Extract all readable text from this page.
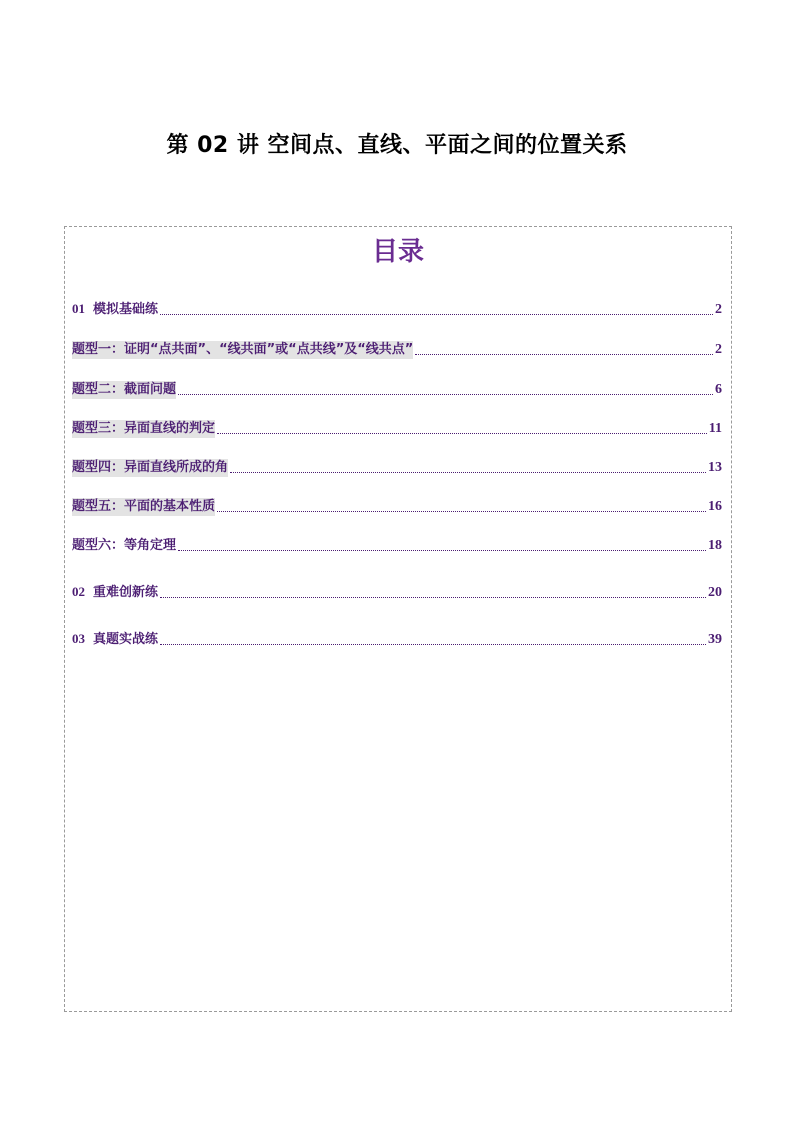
第 02 讲 空间点、直线、平面之间的位置关系
目录
01 模拟基础练	2
题型一：证明“点共面”、“线共面”或“点共线”及“线共点”	2
题型二：截面问题	6
题型三：异面直线的判定	11
题型四：异面直线所成的角	13
题型五：平面的基本性质	16
题型六：等角定理	18
02 重难创新练	20
03 真题实战练	39
